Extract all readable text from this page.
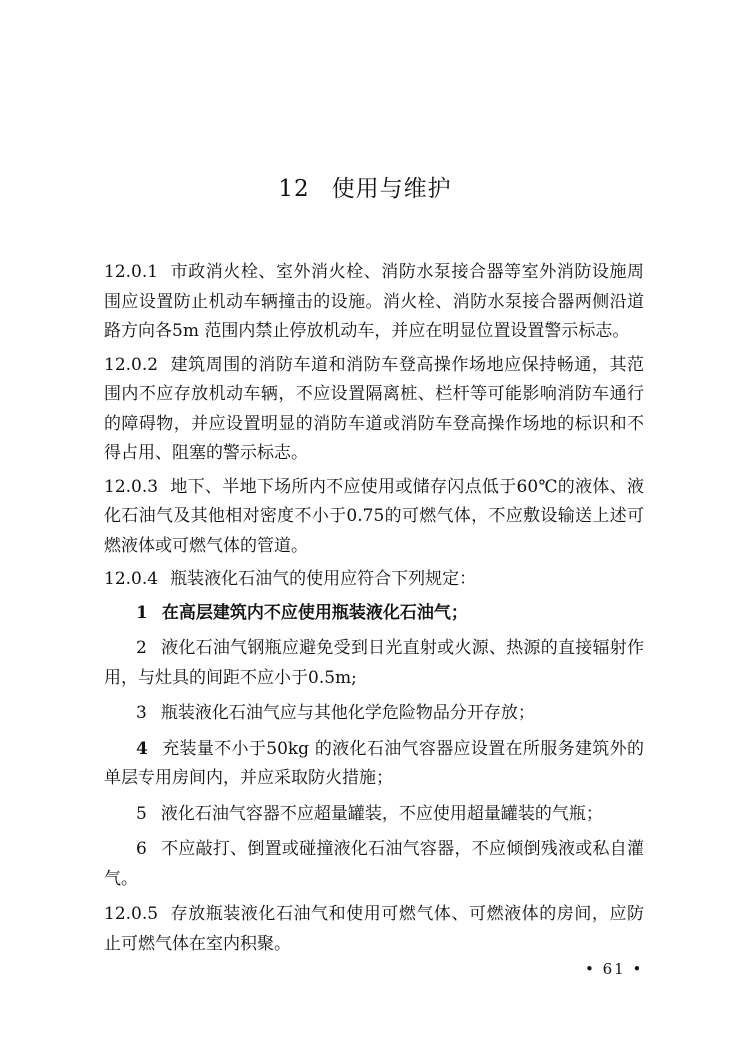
12 使用与维护

12.0.1 市政消火栓、室外消火栓、消防水泵接合器等室外消防设施周围应设置防止机动车辆撞击的设施。消火栓、消防水泵接合器两侧沿道路方向各5m 范围内禁止停放机动车，并应在明显位置设置警示标志。

12.0.2 建筑周围的消防车道和消防车登高操作场地应保持畅通，其范围内不应存放机动车辆，不应设置隔离桩、栏杆等可能影响消防车通行的障碍物，并应设置明显的消防车道或消防车登高操作场地的标识和不得占用、阻塞的警示标志。

12.0.3 地下、半地下场所内不应使用或储存闪点低于60℃的液体、液化石油气及其他相对密度不小于0.75的可燃气体，不应敷设输送上述可燃液体或可燃气体的管道。

12.0.4 瓶装液化石油气的使用应符合下列规定：

1 在高层建筑内不应使用瓶装液化石油气；

2 液化石油气钢瓶应避免受到日光直射或火源、热源的直接辐射作用，与灶具的间距不应小于0.5m;

3 瓶装液化石油气应与其他化学危险物品分开存放；

4 充装量不小于50kg 的液化石油气容器应设置在所服务建筑外的单层专用房间内，并应采取防火措施；

5 液化石油气容器不应超量罐装，不应使用超量罐装的气瓶；

6 不应敲打、倒置或碰撞液化石油气容器，不应倾倒残液或私自灌气。

12.0.5 存放瓶装液化石油气和使用可燃气体、可燃液体的房间，应防止可燃气体在室内积聚。

• 61 •
